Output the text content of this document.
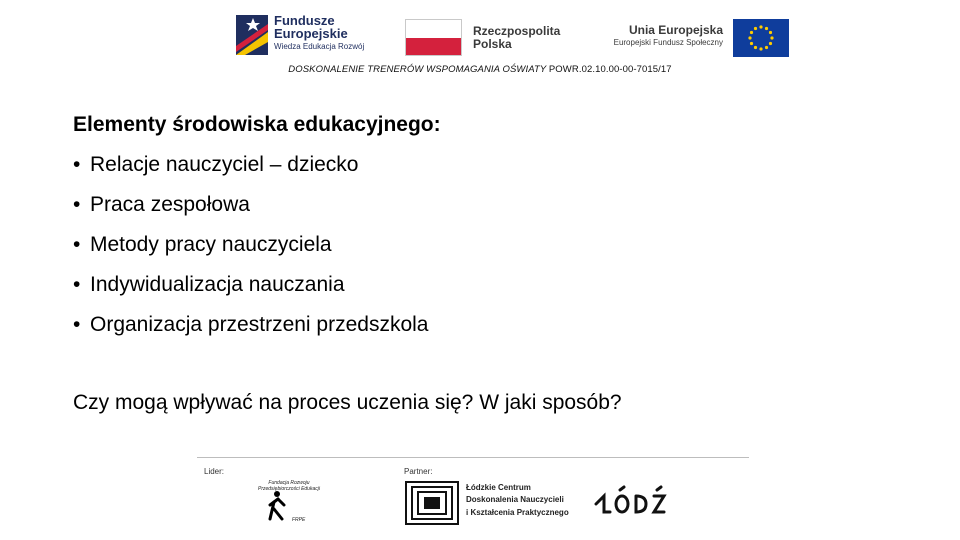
Fundusze
Europejskie
Wiedza Edukacja Rozwój
Rzeczpospolita
Polska
Unia Europejska
Europejski Fundusz Społeczny
DOSKONALENIE TRENERÓW WSPOMAGANIA OŚWIATY POWR.02.10.00-00-7015/17
Elementy środowiska edukacyjnego:
• Relacje nauczyciel – dziecko
• Praca zespołowa
• Metody pracy nauczyciela
• Indywidualizacja nauczania
• Organizacja przestrzeni przedszkola
Czy mogą wpływać na proces uczenia się? W jaki sposób?
Lider:	Partner:
Fundacja Rozwoju Przedsiębiorczości Edukacji
FRPE
Łódzkie Centrum
Doskonalenia Nauczycieli
i Kształcenia Praktycznego
